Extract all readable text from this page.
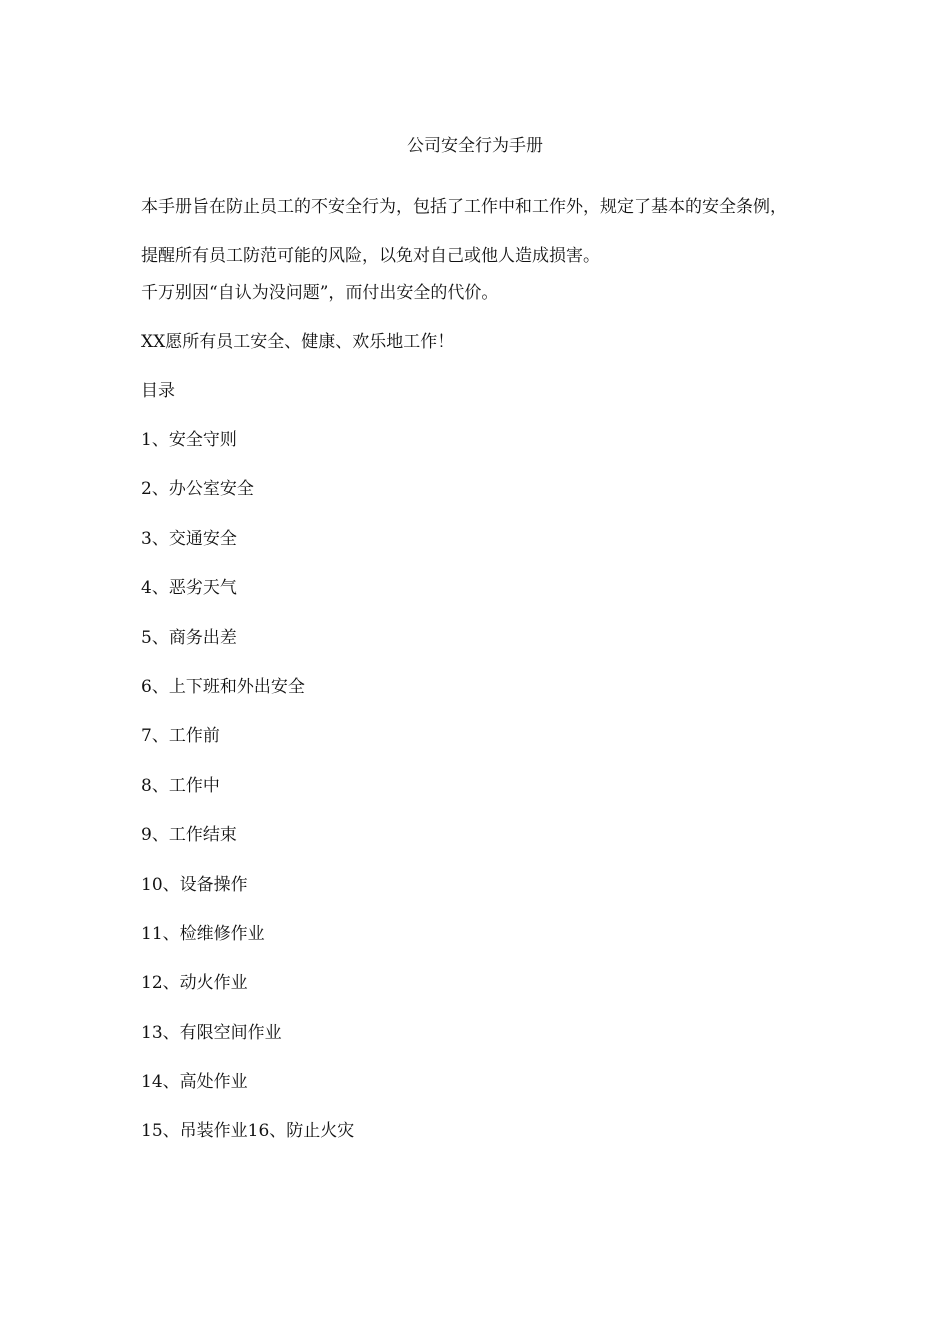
公司安全行为手册

本手册旨在防止员工的不安全行为，包括了工作中和工作外，规定了基本的安全条例，提醒所有员工防范可能的风险，以免对自己或他人造成损害。

千万别因“自认为没问题”，而付出安全的代价。

XX愿所有员工安全、健康、欢乐地工作！

目录

1、安全守则
2、办公室安全
3、交通安全
4、恶劣天气
5、商务出差
6、上下班和外出安全
7、工作前
8、工作中
9、工作结束
10、设备操作
11、检维修作业
12、动火作业
13、有限空间作业
14、高处作业
15、吊装作业16、防止火灾
